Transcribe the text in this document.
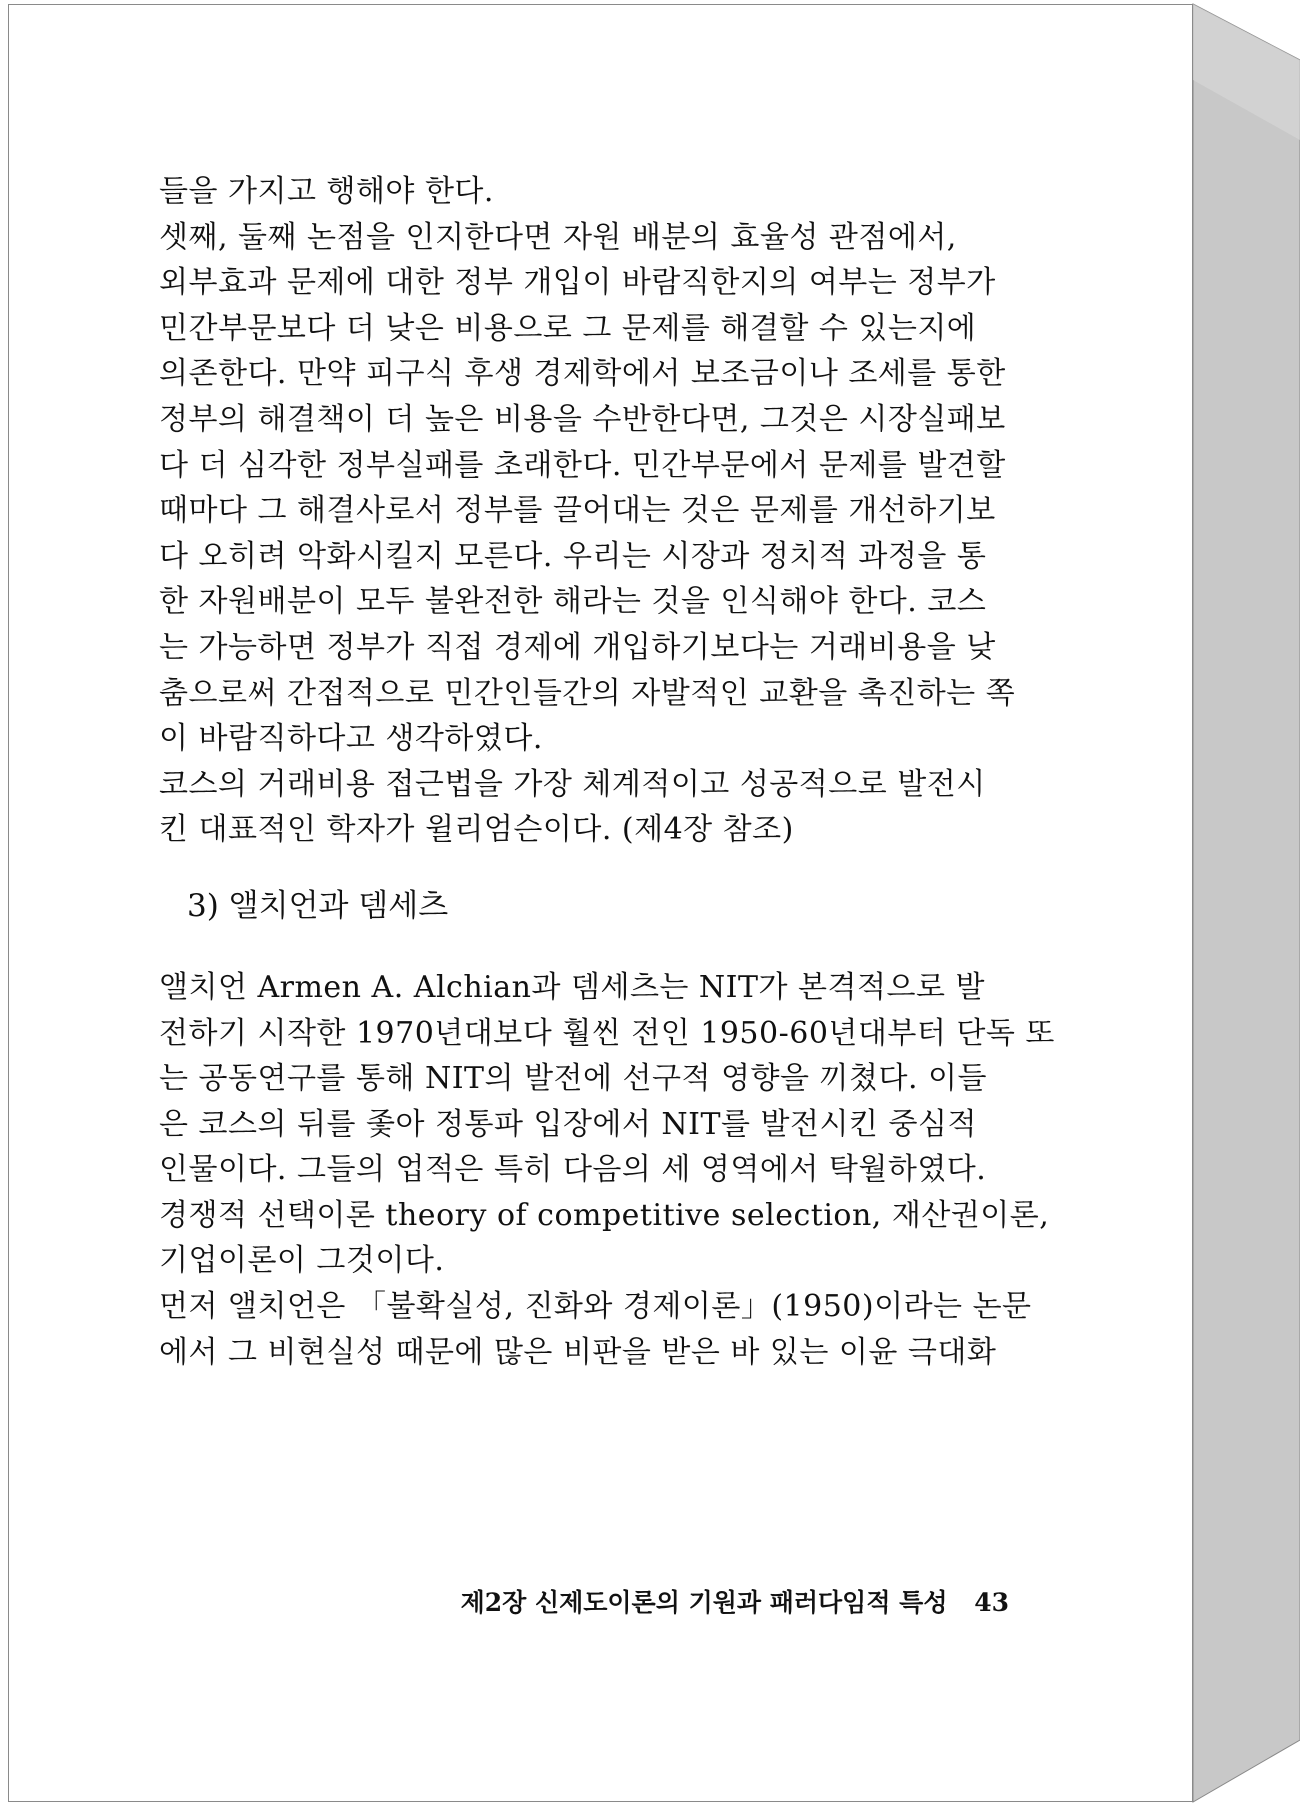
들을 가지고 행해야 한다.
셋째, 둘째 논점을 인지한다면 자원 배분의 효율성 관점에서,
외부효과 문제에 대한 정부 개입이 바람직한지의 여부는 정부가
민간부문보다 더 낮은 비용으로 그 문제를 해결할 수 있는지에
의존한다. 만약 피구식 후생 경제학에서 보조금이나 조세를 통한
정부의 해결책이 더 높은 비용을 수반한다면, 그것은 시장실패보
다 더 심각한 정부실패를 초래한다. 민간부문에서 문제를 발견할
때마다 그 해결사로서 정부를 끌어대는 것은 문제를 개선하기보
다 오히려 악화시킬지 모른다. 우리는 시장과 정치적 과정을 통
한 자원배분이 모두 불완전한 해라는 것을 인식해야 한다. 코스
는 가능하면 정부가 직접 경제에 개입하기보다는 거래비용을 낮
춤으로써 간접적으로 민간인들간의 자발적인 교환을 촉진하는 쪽
이 바람직하다고 생각하였다.
코스의 거래비용 접근법을 가장 체계적이고 성공적으로 발전시
킨 대표적인 학자가 윌리엄슨이다. (제4장 참조)
3) 앨치언과 뎀세츠
앨치언 Armen A. Alchian과 뎀세츠는 NIT가 본격적으로 발
전하기 시작한 1970년대보다 훨씬 전인 1950-60년대부터 단독 또
는 공동연구를 통해 NIT의 발전에 선구적 영향을 끼쳤다. 이들
은 코스의 뒤를 좇아 정통파 입장에서 NIT를 발전시킨 중심적
인물이다. 그들의 업적은 특히 다음의 세 영역에서 탁월하였다.
경쟁적 선택이론 theory of competitive selection, 재산권이론,
기업이론이 그것이다.
먼저 앨치언은 「불확실성, 진화와 경제이론」(1950)이라는 논문
에서 그 비현실성 때문에 많은 비판을 받은 바 있는 이윤 극대화
제2장 신제도이론의 기원과 패러다임적 특성 43
